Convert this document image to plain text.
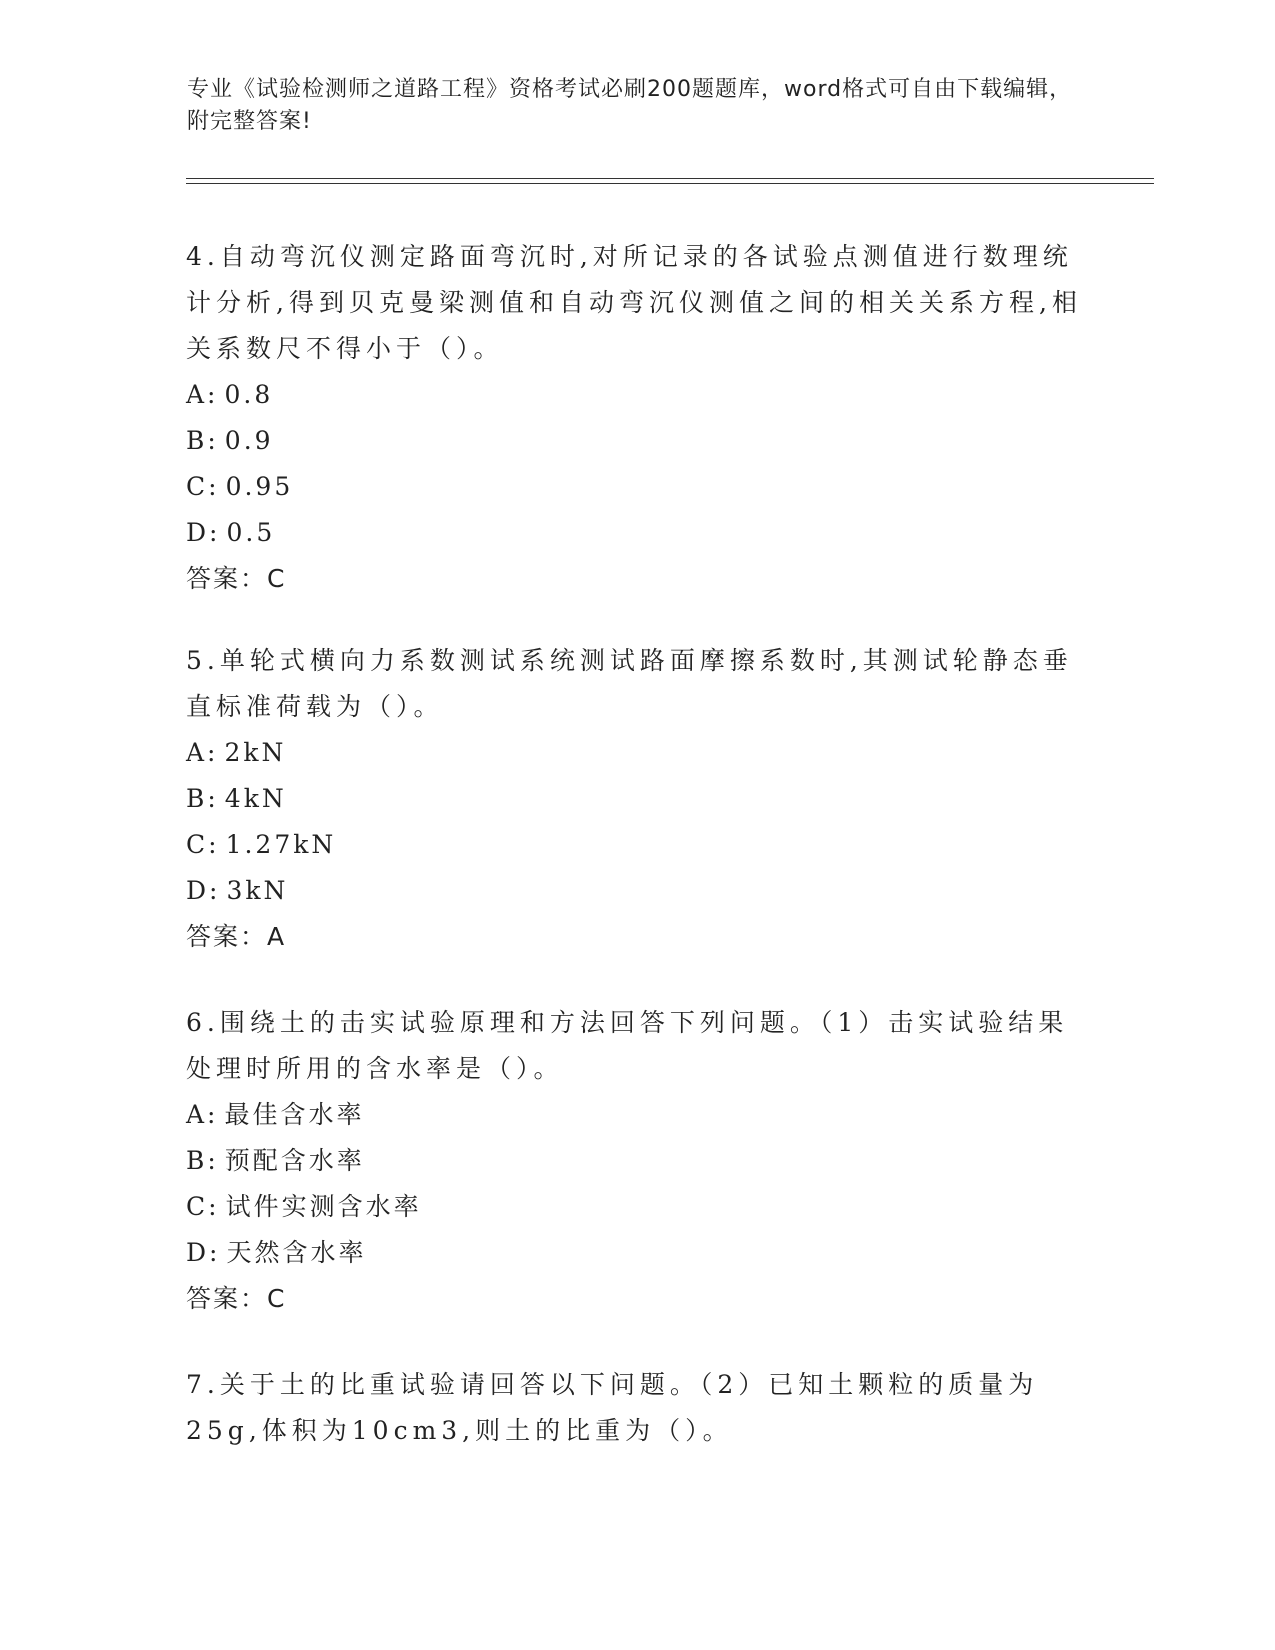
专业《试验检测师之道路工程》资格考试必刷200题题库，word格式可自由下载编辑，附完整答案!

4.自动弯沉仪测定路面弯沉时,对所记录的各试验点测值进行数理统计分析,得到贝克曼梁测值和自动弯沉仪测值之间的相关关系方程,相关系数尺不得小于（）。

A: 0.8

B: 0.9

C: 0.95

D: 0.5

答案：C

5.单轮式横向力系数测试系统测试路面摩擦系数时,其测试轮静态垂直标准荷载为（）。

A: 2kN

B: 4kN

C: 1.27kN

D: 3kN

答案：A

6.围绕土的击实试验原理和方法回答下列问题。（1）击实试验结果处理时所用的含水率是（）。

A: 最佳含水率

B: 预配含水率

C: 试件实测含水率

D: 天然含水率

答案：C

7.关于土的比重试验请回答以下问题。（2）已知土颗粒的质量为25g,体积为10cm3,则土的比重为（）。
